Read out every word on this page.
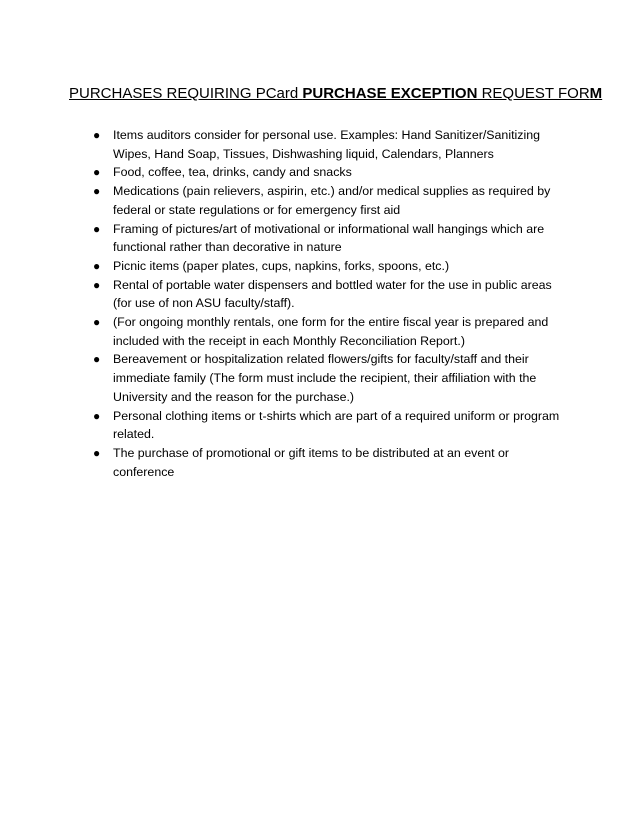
PURCHASES REQUIRING PCard PURCHASE EXCEPTION REQUEST FORM
● Items auditors consider for personal use. Examples: Hand Sanitizer/Sanitizing Wipes, Hand Soap, Tissues, Dishwashing liquid, Calendars, Planners
● Food, coffee, tea, drinks, candy and snacks
● Medications (pain relievers, aspirin, etc.) and/or medical supplies as required by federal or state regulations or for emergency first aid
● Framing of pictures/art of motivational or informational wall hangings which are functional rather than decorative in nature
● Picnic items (paper plates, cups, napkins, forks, spoons, etc.)
● Rental of portable water dispensers and bottled water for the use in public areas (for use of non ASU faculty/staff).
● (For ongoing monthly rentals, one form for the entire fiscal year is prepared and included with the receipt in each Monthly Reconciliation Report.)
● Bereavement or hospitalization related flowers/gifts for faculty/staff and their immediate family (The form must include the recipient, their affiliation with the University and the reason for the purchase.)
● Personal clothing items or t-shirts which are part of a required uniform or program related.
● The purchase of promotional or gift items to be distributed at an event or conference
